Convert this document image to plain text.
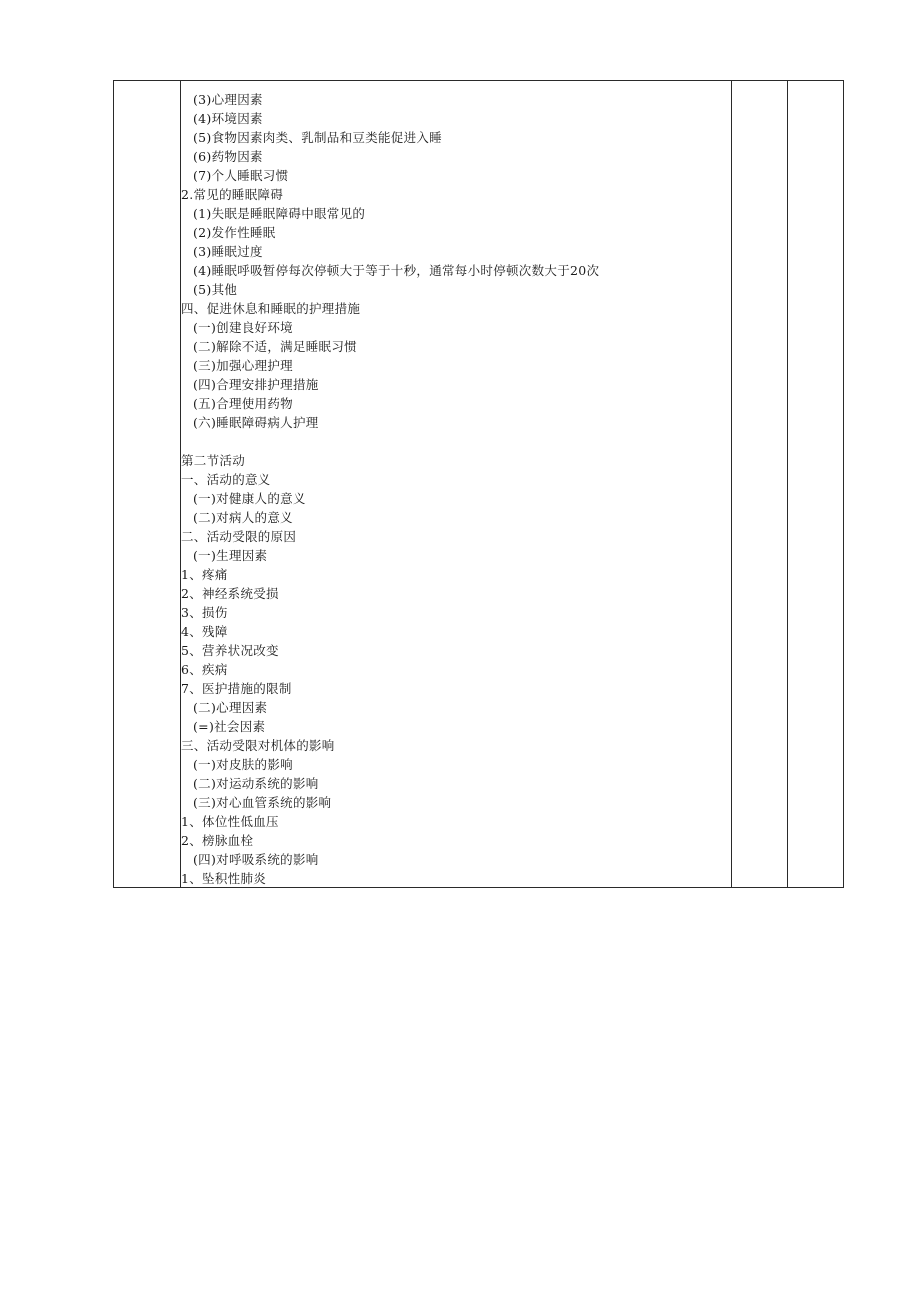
(3)心理因素
(4)环境因素
(5)食物因素肉类、乳制品和豆类能促进入睡
(6)药物因素
(7)个人睡眠习惯
2.常见的睡眠障碍
(1)失眠是睡眠障碍中眼常见的
(2)发作性睡眠
(3)睡眠过度
(4)睡眠呼吸暂停每次停顿大于等于十秒，通常每小时停顿次数大于20次
(5)其他
四、促进休息和睡眠的护理措施
(一)创建良好环境
(二)解除不适，满足睡眠习惯
(三)加强心理护理
(四)合理安排护理措施
(五)合理使用药物
(六)睡眠障碍病人护理
第二节活动
一、活动的意义
(一)对健康人的意义
(二)对病人的意义
二、活动受限的原因
(一)生理因素
1、疼痛
2、神经系统受损
3、损伤
4、残障
5、营养状况改变
6、疾病
7、医护措施的限制
(二)心理因素
(=)社会因素
三、活动受限对机体的影响
(一)对皮肤的影响
(二)对运动系统的影响
(三)对心血管系统的影响
1、体位性低血压
2、榜脉血栓
(四)对呼吸系统的影响
1、坠积性肺炎
